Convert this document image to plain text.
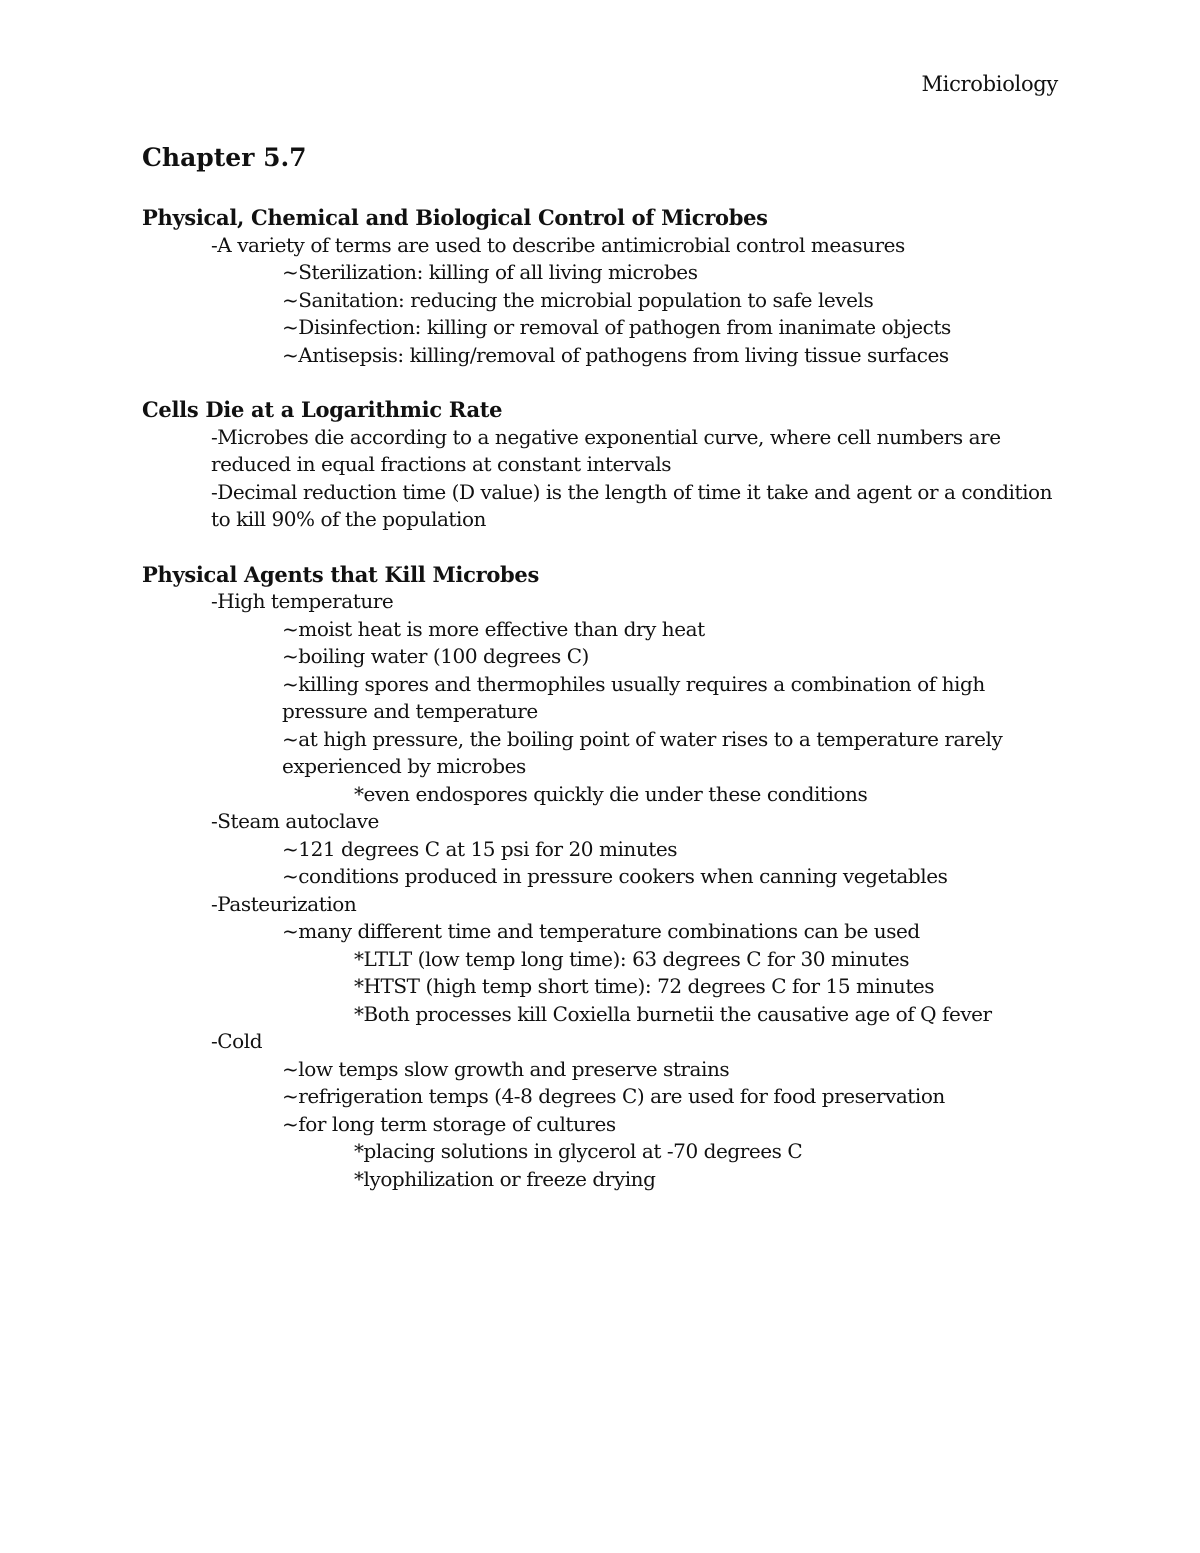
Microbiology
Chapter 5.7
Physical, Chemical and Biological Control of Microbes
-A variety of terms are used to describe antimicrobial control measures
~Sterilization: killing of all living microbes
~Sanitation: reducing the microbial population to safe levels
~Disinfection: killing or removal of pathogen from inanimate objects
~Antisepsis: killing/removal of pathogens from living tissue surfaces
Cells Die at a Logarithmic Rate
-Microbes die according to a negative exponential curve, where cell numbers are reduced in equal fractions at constant intervals
-Decimal reduction time (D value) is the length of time it take and agent or a condition to kill 90% of the population
Physical Agents that Kill Microbes
-High temperature
~moist heat is more effective than dry heat
~boiling water (100 degrees C)
~killing spores and thermophiles usually requires a combination of high pressure and temperature
~at high pressure, the boiling point of water rises to a temperature rarely experienced by microbes
*even endospores quickly die under these conditions
-Steam autoclave
~121 degrees C at 15 psi for 20 minutes
~conditions produced in pressure cookers when canning vegetables
-Pasteurization
~many different time and temperature combinations can be used
*LTLT (low temp long time): 63 degrees C for 30 minutes
*HTST (high temp short time): 72 degrees C for 15 minutes
*Both processes kill Coxiella burnetii the causative age of Q fever
-Cold
~low temps slow growth and preserve strains
~refrigeration temps (4-8 degrees C) are used for food preservation
~for long term storage of cultures
*placing solutions in glycerol at -70 degrees C
*lyophilization or freeze drying
